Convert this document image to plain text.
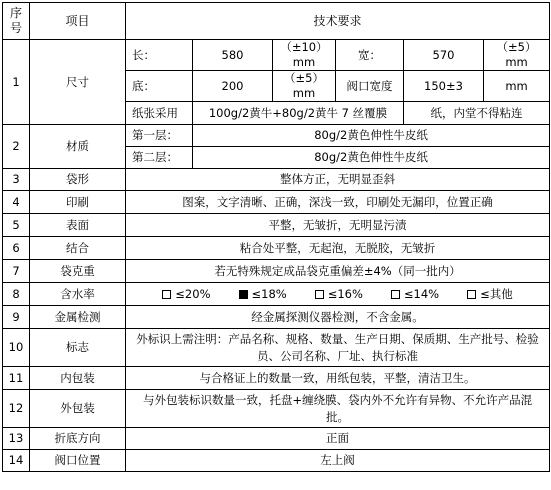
序号	项目	技术要求					
1	尺寸	长：	580	（±10）mm	宽：	570	（±5）mm
		底：	200	（±5）mm	阀口宽度	150±3	mm
		纸张采用	100g/2黄牛+80g/2黄牛 7 丝覆膜			纸，内堂不得粘连	
2	材质	第一层：	80g/2黄色伸性牛皮纸				
		第二层：	80g/2黄色伸性牛皮纸				
3	袋形	整体方正，无明显歪斜					
4	印刷	图案，文字清晰、正确，深浅一致，印刷处无漏印，位置正确					
5	表面	平整，无皱折，无明显污渍					
6	结合	粘合处平整，无起泡，无脱胶，无皱折					
7	袋克重	若无特殊规定成品袋克重偏差±4%（同一批内）					
8	含水率	≤20% ≤18% ≤16% ≤14% ≤其他					
9	金属检测	经金属探测仪器检测，不含金属。					
10	标志	外标识上需注明：产品名称、规格、数量、生产日期、保质期、生产批号、检验员、公司名称、厂址、执行标准					
11	内包装	与合格证上的数量一致，用纸包装，平整，清洁卫生。					
12	外包装	与外包装标识数量一致，托盘+缠绕膜、袋内外不允许有异物、不允许产品混批。					
13	折底方向	正面					
14	阀口位置	左上阀					
